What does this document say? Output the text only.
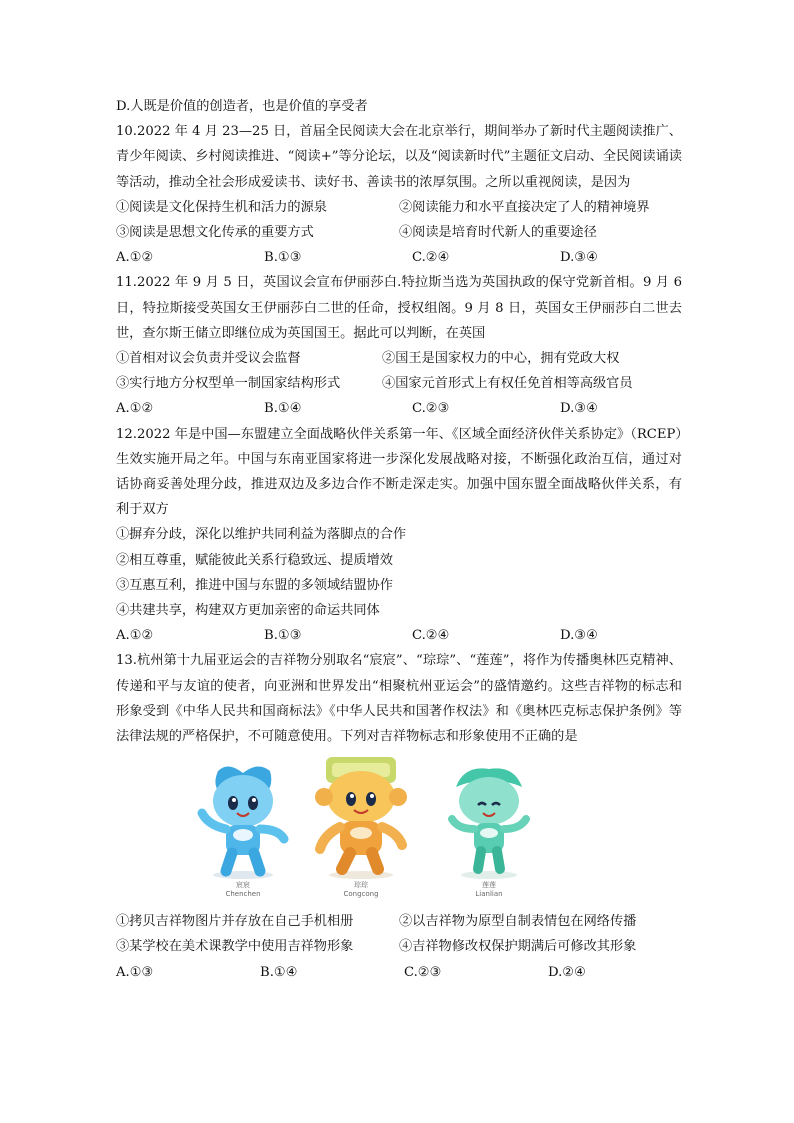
D.人既是价值的创造者，也是价值的享受者
10.2022 年 4 月 23—25 日，首届全民阅读大会在北京举行，期间举办了新时代主题阅读推广、青少年阅读、乡村阅读推进、“阅读+”等分论坛，以及“阅读新时代”主题征文启动、全民阅读诵读等活动，推动全社会形成爱读书、读好书、善读书的浓厚氛围。之所以重视阅读，是因为
①阅读是文化保持生机和活力的源泉	②阅读能力和水平直接决定了人的精神境界
③阅读是思想文化传承的重要方式	④阅读是培育时代新人的重要途径
A.①②	B.①③	C.②④	D.③④
11.2022 年 9 月 5 日，英国议会宣布伊丽莎白.特拉斯当选为英国执政的保守党新首相。9 月 6 日，特拉斯接受英国女王伊丽莎白二世的任命，授权组阁。9 月 8 日，英国女王伊丽莎白二世去世，查尔斯王储立即继位成为英国国王。据此可以判断，在英国
①首相对议会负责并受议会监督	②国王是国家权力的中心，拥有党政大权
③实行地方分权型单一制国家结构形式	④国家元首形式上有权任免首相等高级官员
A.①②	B.①④	C.②③	D.③④
12.2022 年是中国—东盟建立全面战略伙伴关系第一年、《区域全面经济伙伴关系协定》（RCEP）生效实施开局之年。中国与东南亚国家将进一步深化发展战略对接，不断强化政治互信，通过对话协商妥善处理分歧，推进双边及多边合作不断走深走实。加强中国东盟全面战略伙伴关系，有利于双方
①摒弃分歧，深化以维护共同利益为落脚点的合作
②相互尊重，赋能彼此关系行稳致远、提质增效
③互惠互利，推进中国与东盟的多领域结盟协作
④共建共享，构建双方更加亲密的命运共同体
A.①②	B.①③	C.②④	D.③④
13.杭州第十九届亚运会的吉祥物分别取名“宸宸”、“琮琮”、“莲莲”，将作为传播奥林匹克精神、传递和平与友谊的使者，向亚洲和世界发出“相聚杭州亚运会”的盛情邀约。这些吉祥物的标志和形象受到《中华人民共和国商标法》《中华人民共和国著作权法》和《奥林匹克标志保护条例》等法律法规的严格保护，不可随意使用。下列对吉祥物标志和形象使用不正确的是
宸宸
Chenchen
琮琮
Congcong
莲莲
Lianlian
①拷贝吉祥物图片并存放在自己手机相册	②以吉祥物为原型自制表情包在网络传播
③某学校在美术课教学中使用吉祥物形象	④吉祥物修改权保护期满后可修改其形象
A.①③	B.①④	C.②③	D.②④
